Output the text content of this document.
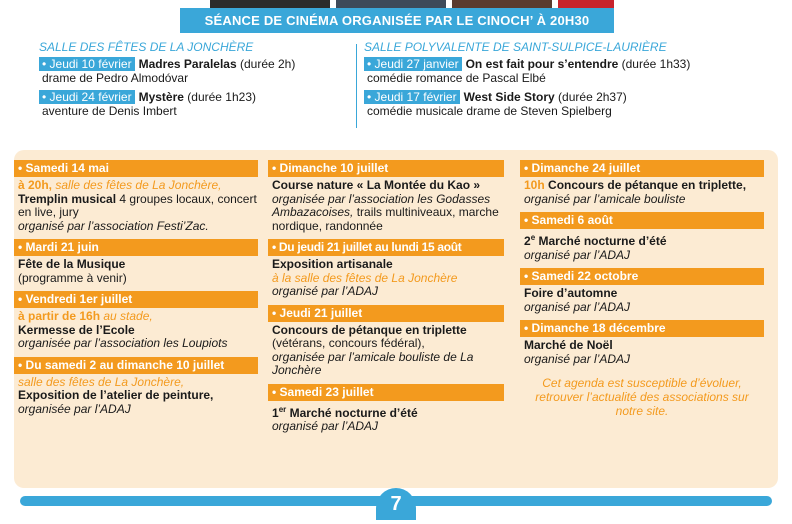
SÉANCE DE CINÉMA ORGANISÉE PAR LE CINOCH’ À 20H30
SALLE DES FÊTES DE LA JONCHÈRE
• Jeudi 10 février Madres Paralelas (durée 2h)
drame de Pedro Almodóvar
• Jeudi 24 février Mystère (durée 1h23)
aventure de Denis Imbert
SALLE POLYVALENTE DE SAINT-SULPICE-LAURIÈRE
• Jeudi 27 janvier On est fait pour s’entendre (durée 1h33)
comédie romance de Pascal Elbé
• Jeudi 17 février West Side Story (durée 2h37)
comédie musicale drame de Steven Spielberg
• Samedi 14 mai
à 20h, salle des fêtes de La Jonchère,
Tremplin musical 4 groupes locaux, concert en live, jury
organisé par l’association Festi’Zac.
• Mardi 21 juin
Fête de la Musique
(programme à venir)
• Vendredi 1er juillet
à partir de 16h au stade,
Kermesse de l’Ecole
organisée par l’association les Loupiots
• Du samedi 2 au dimanche 10 juillet
salle des fêtes de La Jonchère,
Exposition de l’atelier de peinture,
organisée par l’ADAJ
• Dimanche 10 juillet
Course nature « La Montée du Kao »
organisée par l’association les Godasses Ambazacoises, trails multiniveaux, marche nordique, randonnée
• Du jeudi 21 juillet au lundi 15 août
Exposition artisanale
à la salle des fêtes de La Jonchère
organisé par l’ADAJ
• Jeudi 21 juillet
Concours de pétanque en triplette
(vétérans, concours fédéral),
organisée par l’amicale bouliste de La Jonchère
• Samedi 23 juillet
1er Marché nocturne d’été
organisé par l’ADAJ
• Dimanche 24 juillet
10h Concours de pétanque en triplette, organisé par l’amicale bouliste
• Samedi 6 août
2e Marché nocturne d’été
organisé par l’ADAJ
• Samedi 22 octobre
Foire d’automne
organisé par l’ADAJ
• Dimanche 18 décembre
Marché de Noël
organisé par l’ADAJ
Cet agenda est susceptible d’évoluer, retrouver l’actualité des associations sur notre site.
7
